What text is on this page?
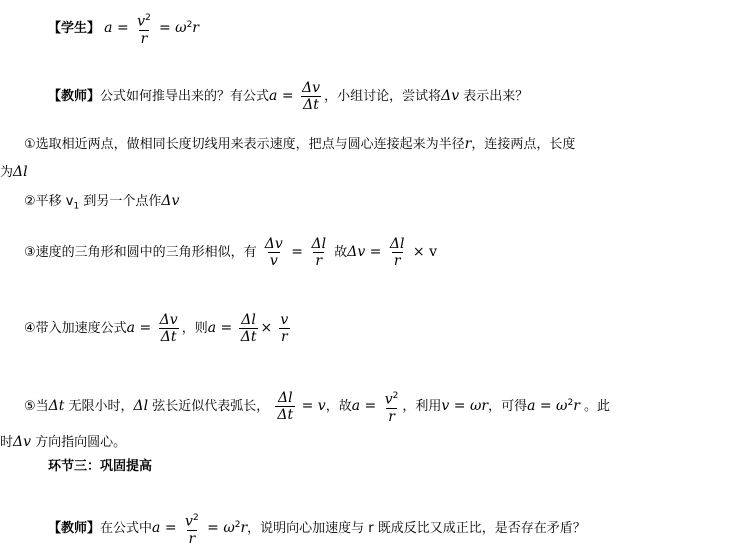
【学生】 $a = \frac{v^2}{r} = \omega^2r$
【教师】公式如何推导出来的？有公式$a = \frac{\Delta v}{\Delta t}$ ，小组讨论，尝试将Δv 表示出来？
①选取相近两点，做相同长度切线用来表示速度，把点与圆心连接起来为半径r，连接两点，长度
为Δl
②平移 $v_1$ 到另一个点作Δv
③速度的三角形和圆中的三角形相似，有 $\frac{\Delta v}{v} = \frac{\Delta l}{r}$ 故$\Delta v = \frac{\Delta l}{r} \times v$
④带入加速度公式$a = \frac{\Delta v}{\Delta t}$ ，则$a = \frac{\Delta l}{\Delta t} \times \frac{v}{r}$
⑤当Δt 无限小时，Δl 弦长近似代表弧长， $\frac{\Delta l}{\Delta t} = v$，故$a = \frac{v^2}{r}$ ，利用v = ωr，可得$a = \omega^2r$ 。此
时Δv 方向指向圆心。
环节三：巩固提高
【教师】在公式中$a = \frac{v^2}{r} = \omega^2r$，说明向心加速度与 r 既成反比又成正比，是否存在矛盾？
